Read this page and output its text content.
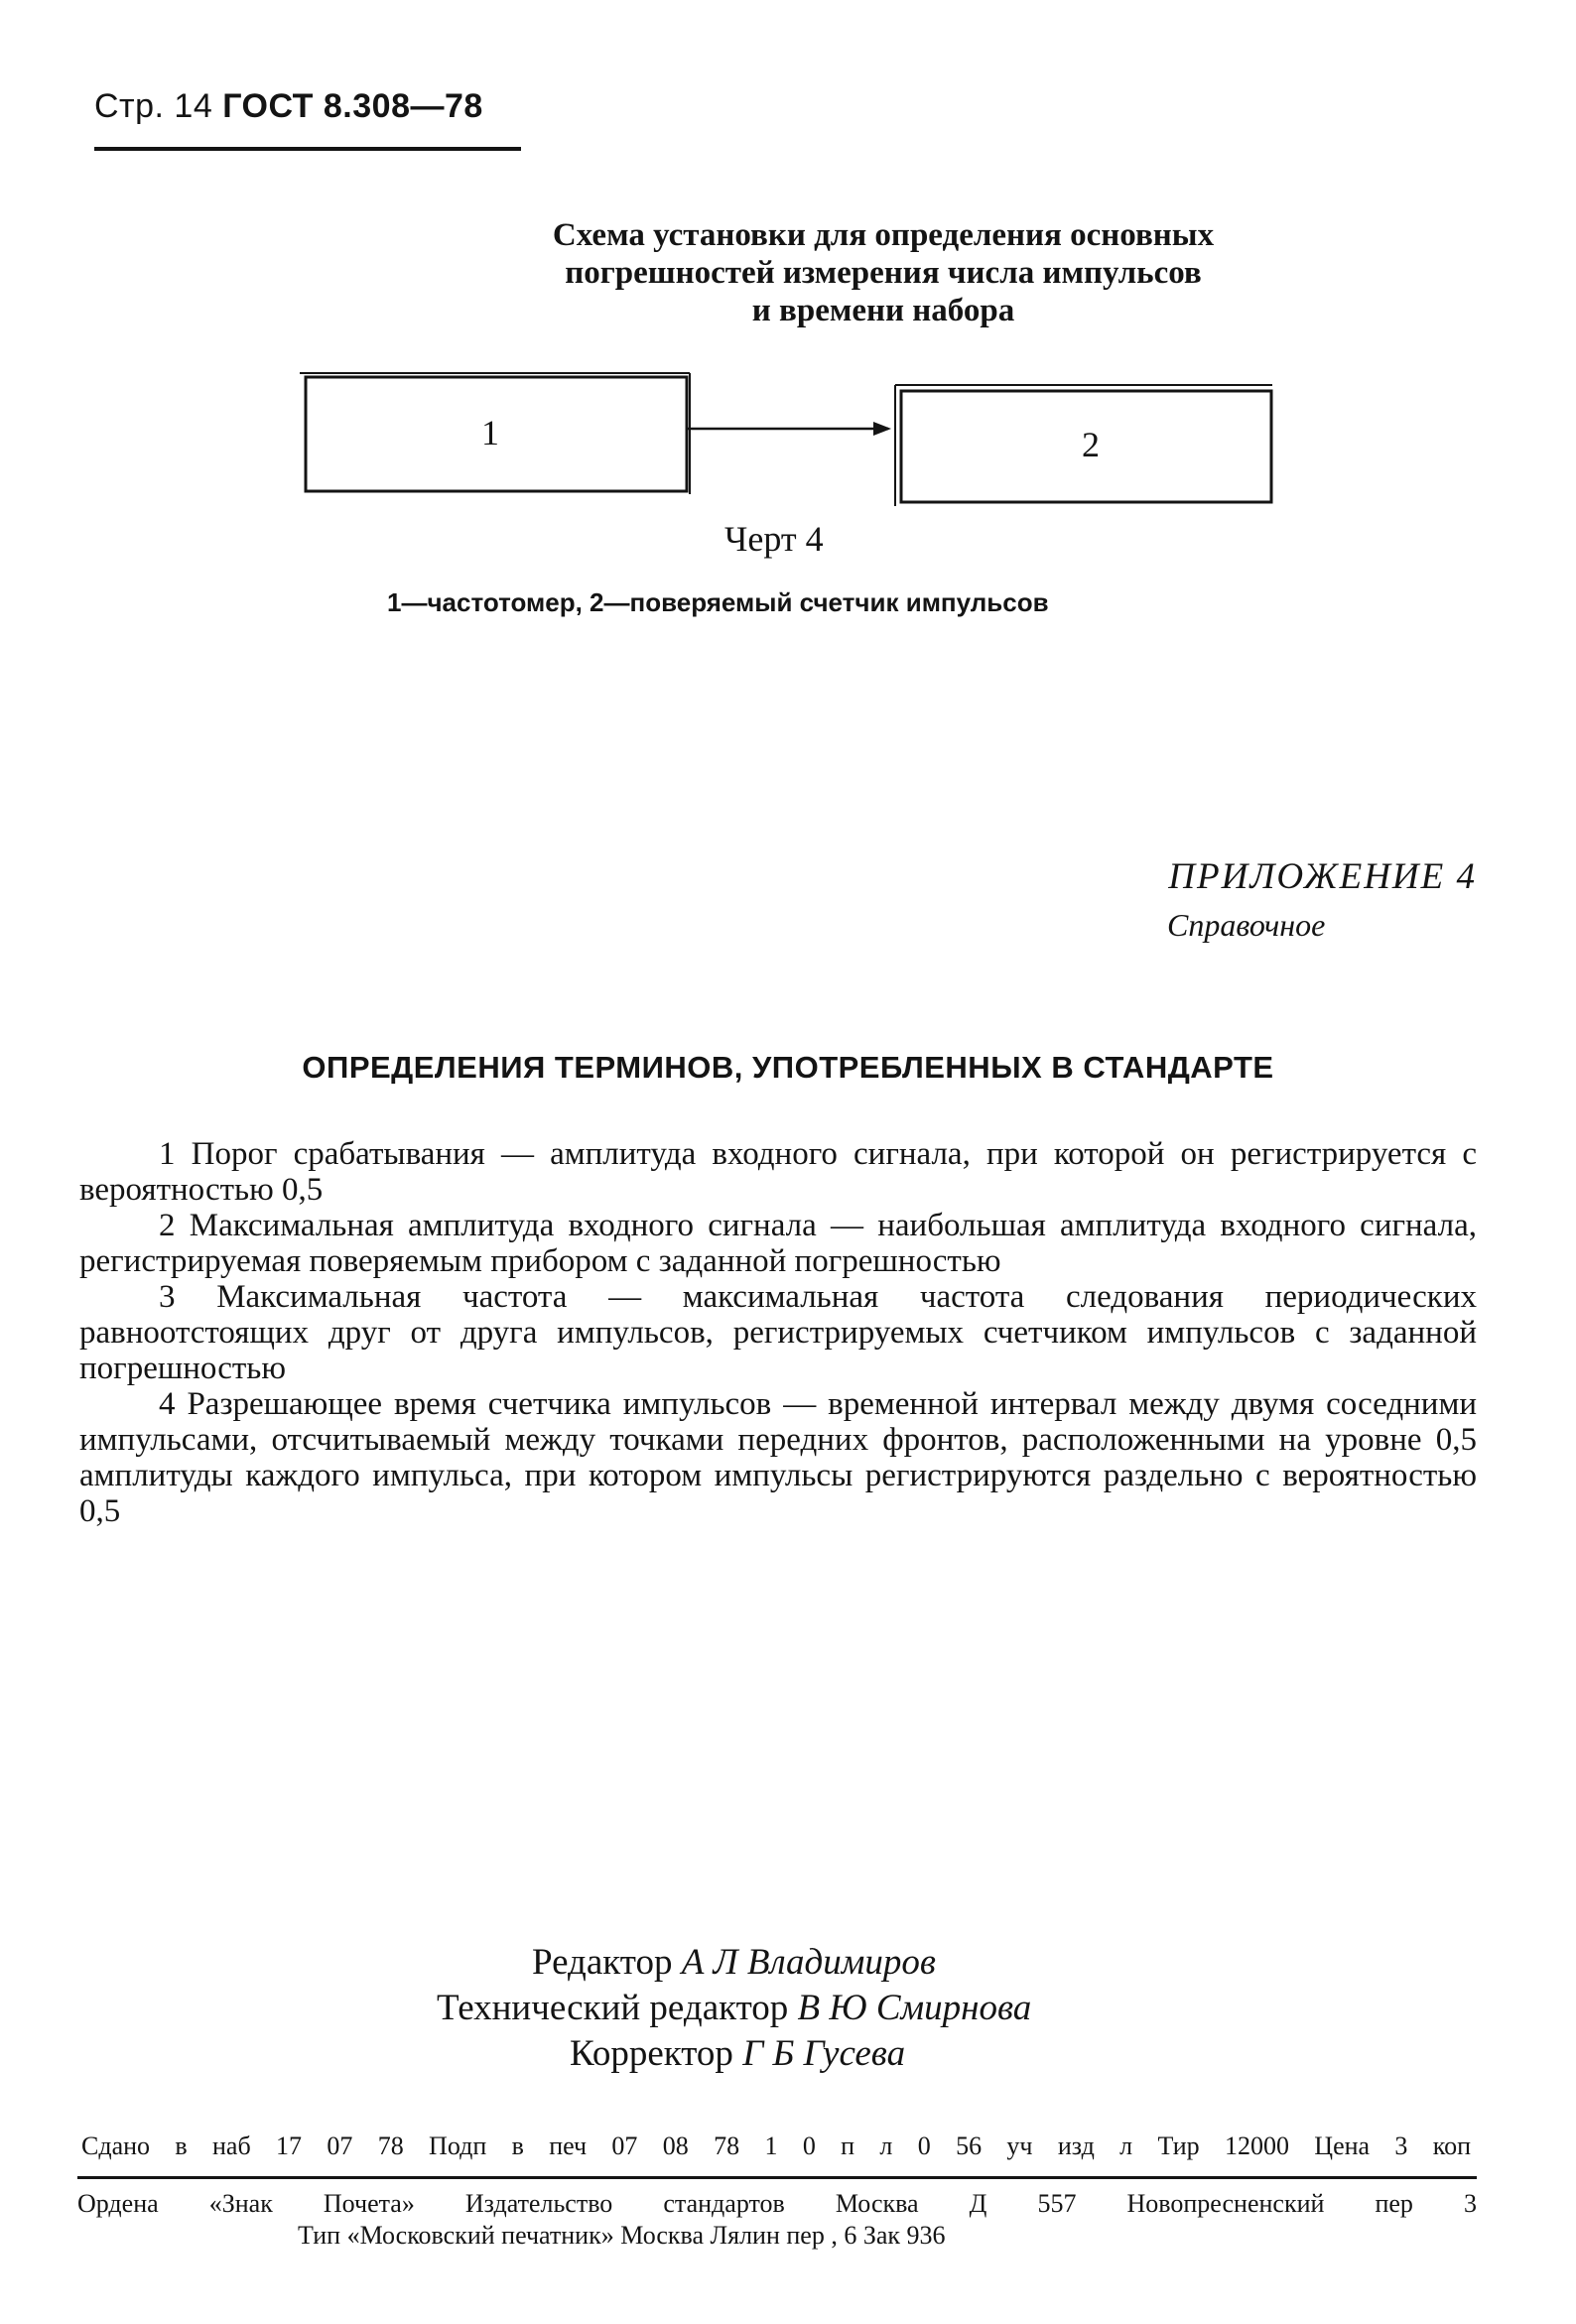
Стр. 14 ГОСТ 8.308—78
Схема установки для определения основных
погрешностей измерения числа импульсов
и времени набора
1	2
Черт 4
1—частотомер, 2—поверяемый счетчик импульсов
ПРИЛОЖЕНИЕ 4
Справочное
ОПРЕДЕЛЕНИЯ ТЕРМИНОВ, УПОТРЕБЛЕННЫХ В СТАНДАРТЕ

1 Порог срабатывания — амплитуда входного сигнала, при которой он регистрируется с вероятностью 0,5

2 Максимальная амплитуда входного сигнала — наибольшая амплитуда входного сигнала, регистрируемая поверяемым прибором с заданной погрешностью

3 Максимальная частота — максимальная частота следования периодических равноотстоящих друг от друга импульсов, регистрируемых счетчиком импульсов с заданной погрешностью

4 Разрешающее время счетчика импульсов — временной интервал между двумя соседними импульсами, отсчитываемый между точками передних фронтов, расположенными на уровне 0,5 амплитуды каждого импульса, при котором импульсы регистрируются раздельно с вероятностью 0,5

Редактор А Л Владимиров
Технический редактор В Ю Смирнова
Корректор Г Б Гусева
Сдано в наб 17 07 78 Подп в печ 07 08 78 1 0 п л 0 56 уч изд л Тир 12000 Цена 3 коп
Ордена «Знак Почета» Издательство стандартов Москва Д 557 Новопресненский пер 3
Тип «Московский печатник» Москва Лялин пер , 6 Зак 936
